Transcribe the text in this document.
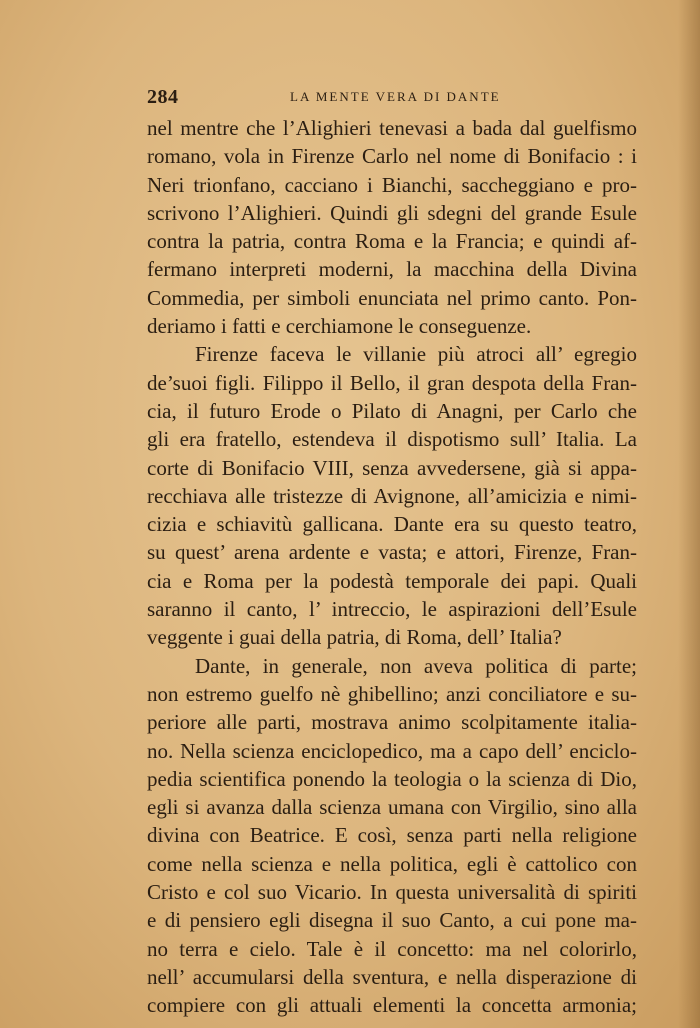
284	LA MENTE VERA DI DANTE
nel mentre che l’Alighieri tenevasi a bada dal guelfismo
romano, vola in Firenze Carlo nel nome di Bonifacio : i
Neri trionfano, cacciano i Bianchi, saccheggiano e pro-
scrivono l’Alighieri. Quindi gli sdegni del grande Esule
contra la patria, contra Roma e la Francia; e quindi af-
fermano interpreti moderni, la macchina della Divina
Commedia, per simboli enunciata nel primo canto. Pon-
deriamo i fatti e cerchiamone le conseguenze.
Firenze faceva le villanie più atroci all’ egregio
de’suoi figli. Filippo il Bello, il gran despota della Fran-
cia, il futuro Erode o Pilato di Anagni, per Carlo che
gli era fratello, estendeva il dispotismo sull’ Italia. La
corte di Bonifacio VIII, senza avvedersene, già si appa-
recchiava alle tristezze di Avignone, all’amicizia e nimi-
cizia e schiavitù gallicana. Dante era su questo teatro,
su quest’ arena ardente e vasta; e attori, Firenze, Fran-
cia e Roma per la podestà temporale dei papi. Quali
saranno il canto, l’ intreccio, le aspirazioni dell’Esule
veggente i guai della patria, di Roma, dell’ Italia?
Dante, in generale, non aveva politica di parte;
non estremo guelfo nè ghibellino; anzi conciliatore e su-
periore alle parti, mostrava animo scolpitamente italia-
no. Nella scienza enciclopedico, ma a capo dell’ enciclo-
pedia scientifica ponendo la teologia o la scienza di Dio,
egli si avanza dalla scienza umana con Virgilio, sino alla
divina con Beatrice. E così, senza parti nella religione
come nella scienza e nella politica, egli è cattolico con
Cristo e col suo Vicario. In questa universalità di spiriti
e di pensiero egli disegna il suo Canto, a cui pone ma-
no terra e cielo. Tale è il concetto: ma nel colorirlo,
nell’ accumularsi della sventura, e nella disperazione di
compiere con gli attuali elementi la concetta armonia;
